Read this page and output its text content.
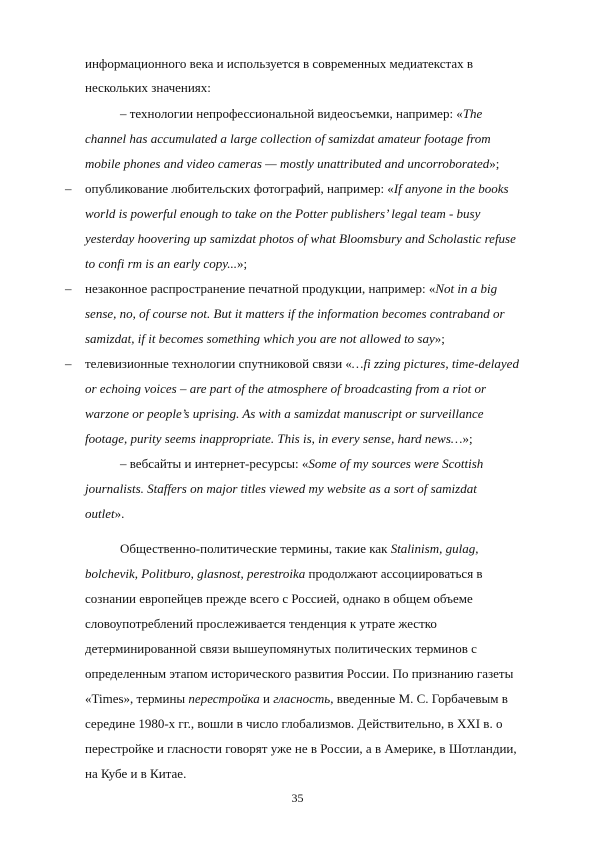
информационного века и используется в современных медиатекстах в
нескольких значениях:
– технологии непрофессиональной видеосъемки, например: «The
channel has accumulated a large collection of samizdat amateur footage from
mobile phones and video cameras — mostly unattributed and uncorroborated»;
– опубликование любительских фотографий, например: «If anyone in the books
world is powerful enough to take on the Potter publishers’ legal team - busy
yesterday hoovering up samizdat photos of what Bloomsbury and Scholastic refuse
to confi rm is an early copy...»;
– незаконное распространение печатной продукции, например: «Not in a big
sense, no, of course not. But it matters if the information becomes contraband or
samizdat, if it becomes something which you are not allowed to say»;
– телевизионные технологии спутниковой связи «…fi zzing pictures, time-delayed
or echoing voices – are part of the atmosphere of broadcasting from a riot or
warzone or people’s uprising. As with a samizdat manuscript or surveillance
footage, purity seems inappropriate. This is, in every sense, hard news…»;
– вебсайты и интернет-ресурсы: «Some of my sources were Scottish
journalists. Staffers on major titles viewed my website as a sort of samizdat
outlet».
Общественно-политические термины, такие как Stalinism, gulag,
bolchevik, Politburo, glasnost, perestroika продолжают ассоциироваться в
сознании европейцев прежде всего с Россией, однако в общем объеме
словоупотреблений прослеживается тенденция к утрате жестко
детерминированной связи вышеупомянутых политических терминов с
определенным этапом исторического развития России. По признанию газеты
«Times», термины перестройка и гласность, введенные М. С. Горбачевым в
середине 1980-х гг., вошли в число глобализмов. Действительно, в XXI в. о
перестройке и гласности говорят уже не в России, а в Америке, в Шотландии,
на Кубе и в Китае.
35
